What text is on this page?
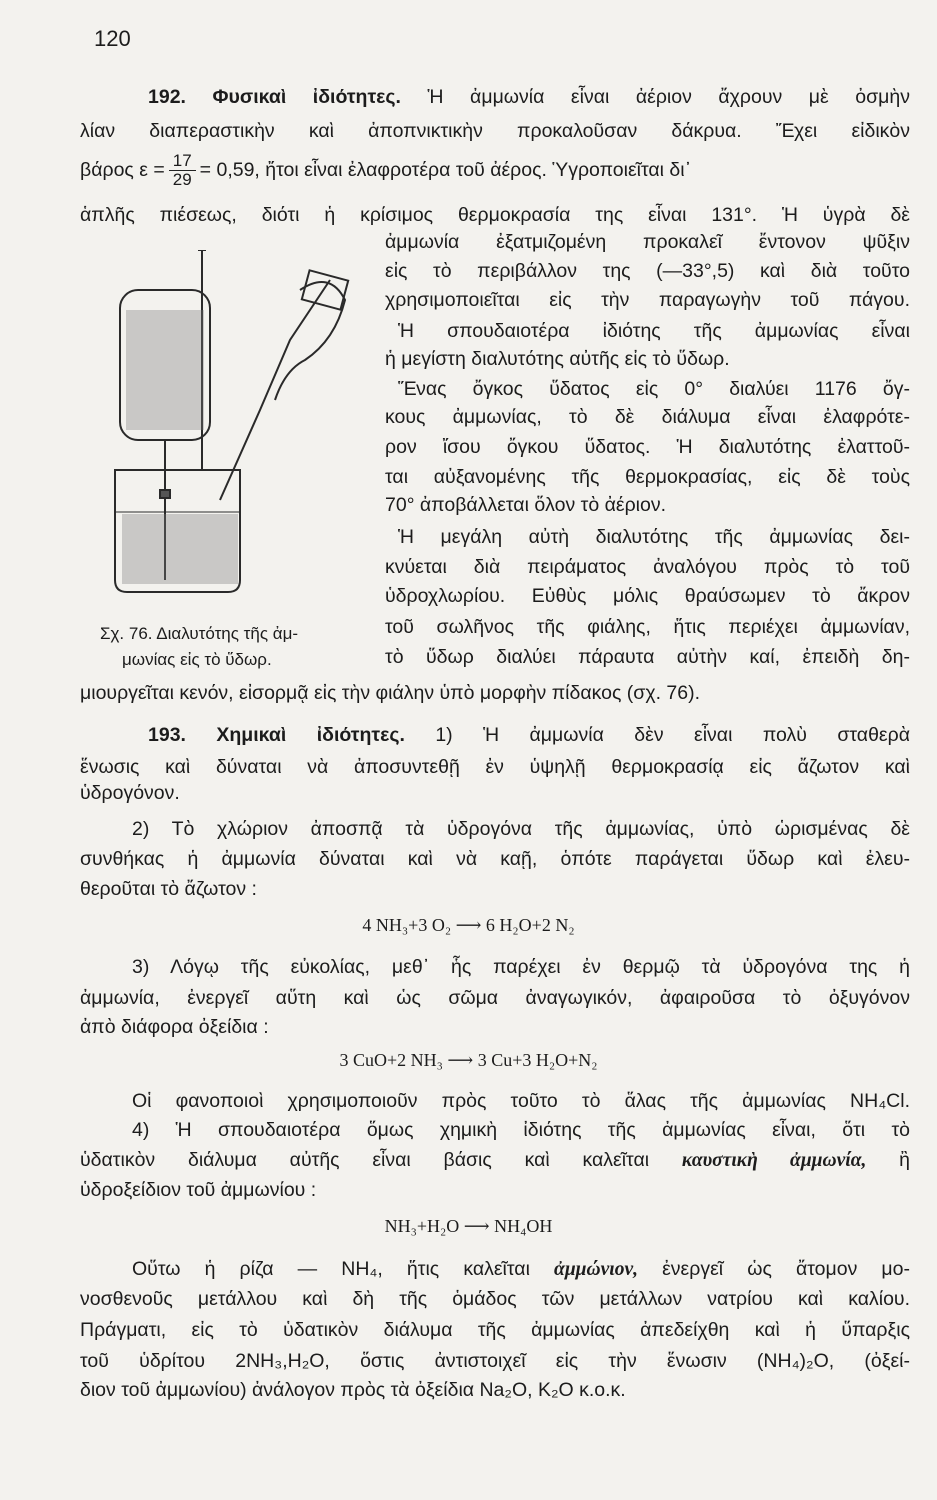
120
192. Φυσικαὶ ἰδιότητες. Ἡ ἀμμωνία εἶναι ἀέριον ἄχρουν μὲ ὀσμὴν
λίαν διαπεραστικὴν καὶ ἀποπνικτικὴν προκαλοῦσαν δάκρυα. Ἔχει εἰδικὸν
βάρος $\varepsilon = \frac{17}{29} = 0,59$, ἤτοι εἶναι ἐλαφροτέρα τοῦ ἀέρος. Ὑγροποιεῖται δι᾽
ἁπλῆς πιέσεως, διότι ἡ κρίσιμος θερμοκρασία της εἶναι 131°. Ἡ ὑγρὰ δὲ
ἀμμωνία ἐξατμιζομένη προκαλεῖ ἔντονον ψῦξιν
εἰς τὸ περιβάλλον της (—33°,5) καὶ διὰ τοῦτο
χρησιμοποιεῖται εἰς τὴν παραγωγὴν τοῦ πάγου.
Ἡ σπουδαιοτέρα ἰδιότης τῆς ἀμμωνίας εἶναι
ἡ μεγίστη διαλυτότης αὐτῆς εἰς τὸ ὕδωρ.
Ἕνας ὄγκος ὕδατος εἰς 0° διαλύει 1176 ὄγ-
κους ἀμμωνίας, τὸ δὲ διάλυμα εἶναι ἐλαφρότε-
ρον ἴσου ὄγκου ὕδατος. Ἡ διαλυτότης ἐλαττοῦ-
ται αὐξανομένης τῆς θερμοκρασίας, εἰς δὲ τοὺς
70° ἀποβάλλεται ὅλον τὸ ἀέριον.
Ἡ μεγάλη αὐτὴ διαλυτότης τῆς ἀμμωνίας δει-
κνύεται διὰ πειράματος ἀναλόγου πρὸς τὸ τοῦ
ὑδροχλωρίου. Εὐθὺς μόλις θραύσωμεν τὸ ἄκρον
τοῦ σωλῆνος τῆς φιάλης, ἥτις περιέχει ἀμμωνίαν,
τὸ ὕδωρ διαλύει πάραυτα αὐτὴν καί, ἐπειδὴ δη-
Σχ. 76. Διαλυτότης τῆς ἀμ-
μωνίας εἰς τὸ ὕδωρ.
μιουργεῖται κενόν, εἰσορμᾷ εἰς τὴν φιάλην ὑπὸ μορφὴν πίδακος (σχ. 76).
193. Χημικαὶ ἰδιότητες. 1) Ἡ ἀμμωνία δὲν εἶναι πολὺ σταθερὰ
ἕνωσις καὶ δύναται νὰ ἀποσυντεθῇ ἐν ὑψηλῇ θερμοκρασίᾳ εἰς ἄζωτον καὶ
ὑδρογόνον.
2) Τὸ χλώριον ἀποσπᾷ τὰ ὑδρογόνα τῆς ἀμμωνίας, ὑπὸ ὡρισμένας δὲ
συνθήκας ἡ ἀμμωνία δύναται καὶ νὰ καῇ, ὁπότε παράγεται ὕδωρ καὶ ἐλευ-
θεροῦται τὸ ἄζωτον :
4 NH₃+3 O₂ ⟶ 6 H₂O+2 N₂
3) Λόγῳ τῆς εὐκολίας, μεθ᾽ ἧς παρέχει ἐν θερμῷ τὰ ὑδρογόνα της ἡ
ἀμμωνία, ἐνεργεῖ αὕτη καὶ ὡς σῶμα ἀναγωγικόν, ἀφαιροῦσα τὸ ὀξυγόνον
ἀπὸ διάφορα ὀξείδια :
3 CuO+2 NH₃ ⟶ 3 Cu+3 H₂O+N₂
Οἱ φανοποιοὶ χρησιμοποιοῦν πρὸς τοῦτο τὸ ἅλας τῆς ἀμμωνίας NH₄Cl.
4) Ἡ σπουδαιοτέρα ὅμως χημικὴ ἰδιότης τῆς ἀμμωνίας εἶναι, ὅτι τὸ
ὑδατικὸν διάλυμα αὐτῆς εἶναι βάσις καὶ καλεῖται καυστικὴ ἀμμωνία, ἢ
ὑδροξείδιον τοῦ ἀμμωνίου :
NH₃+H₂O ⟶ NH₄OH
Οὕτω ἡ ρίζα — NH₄, ἥτις καλεῖται ἀμμώνιον, ἐνεργεῖ ὡς ἄτομον μο-
νοσθενοῦς μετάλλου καὶ δὴ τῆς ὁμάδος τῶν μετάλλων νατρίου καὶ καλίου.
Πράγματι, εἰς τὸ ὑδατικὸν διάλυμα τῆς ἀμμωνίας ἀπεδείχθη καὶ ἡ ὕπαρξις
τοῦ ὑδρίτου 2NH₃,H₂O, ὅστις ἀντιστοιχεῖ εἰς τὴν ἕνωσιν (NH₄)₂O, (ὀξεί-
διον τοῦ ἀμμωνίου) ἀνάλογον πρὸς τὰ ὀξείδια Na₂O, K₂O κ.ο.κ.
